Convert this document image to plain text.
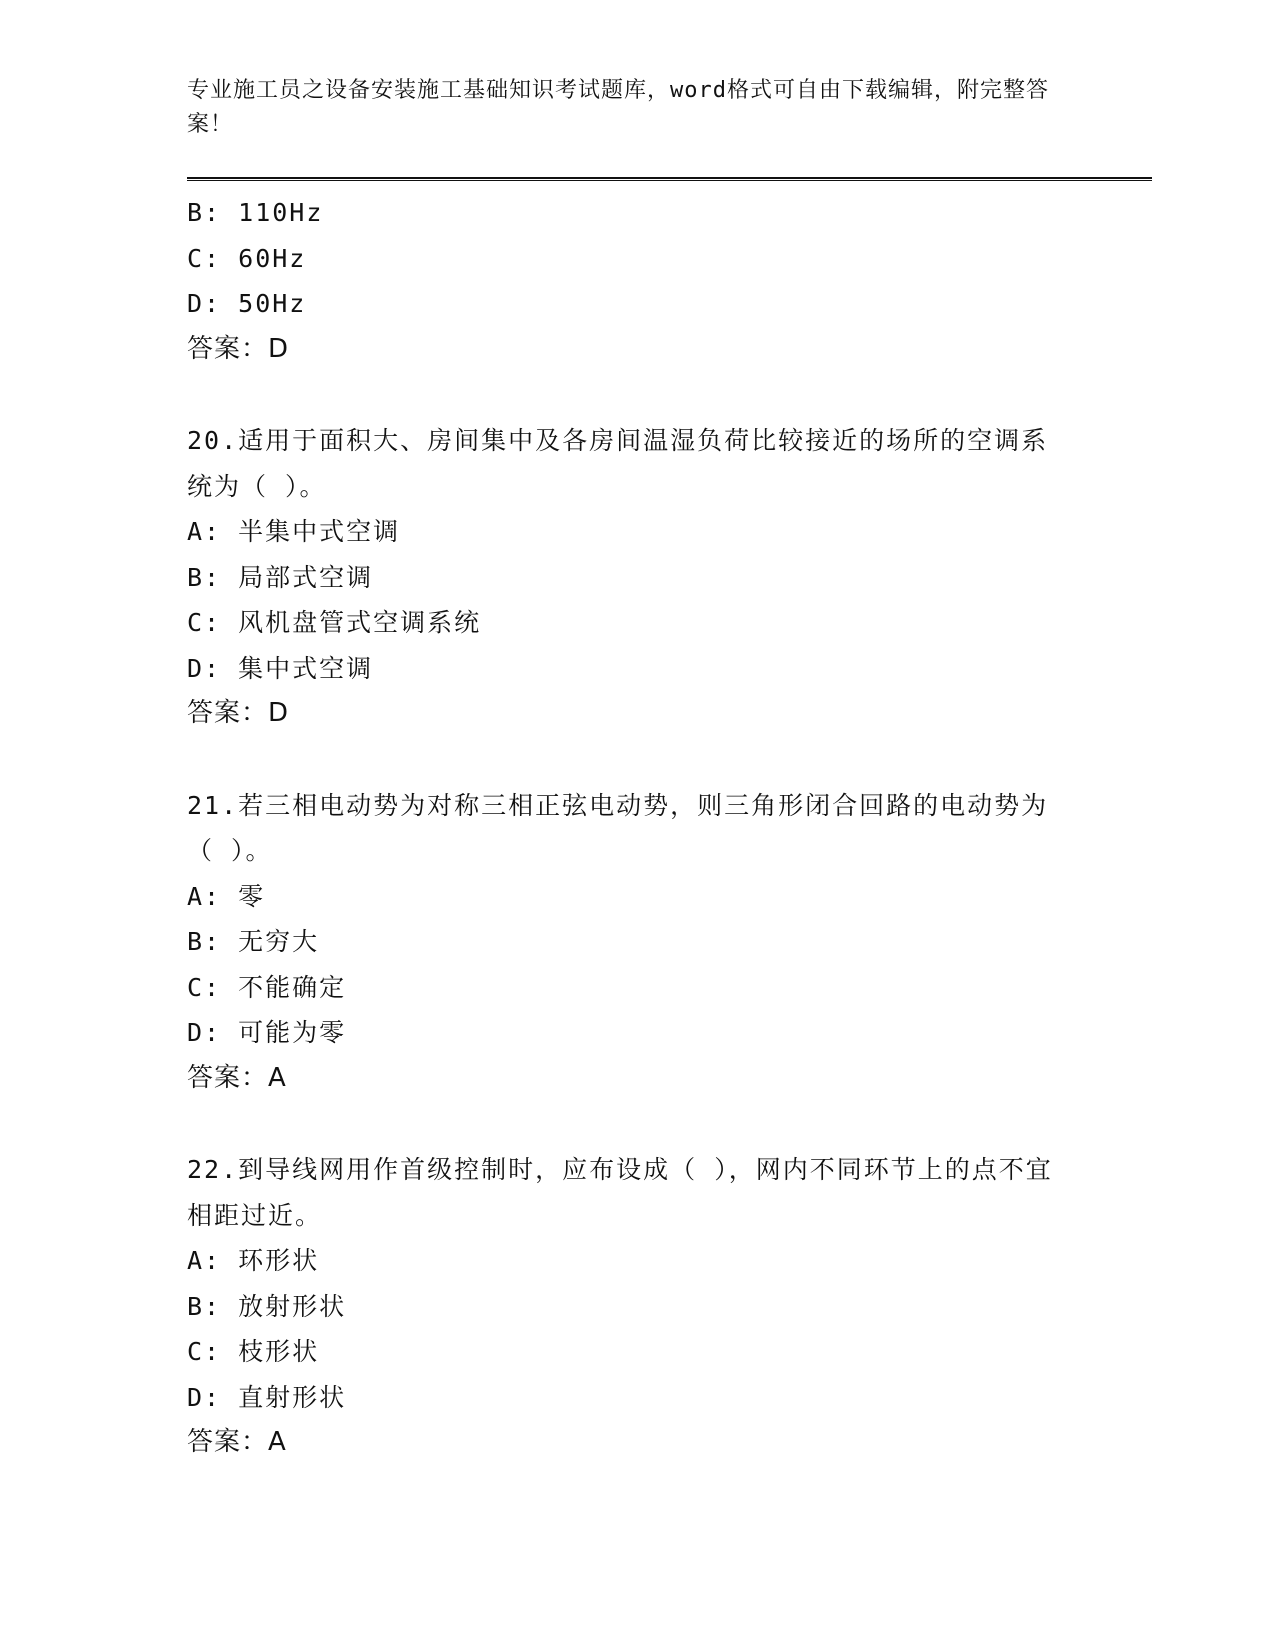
专业施工员之设备安装施工基础知识考试题库，word格式可自由下载编辑，附完整答案！
B: 110Hz
C: 60Hz
D: 50Hz
答案：D
20.适用于面积大、房间集中及各房间温湿负荷比较接近的场所的空调系统为（ ）。
A: 半集中式空调
B: 局部式空调
C: 风机盘管式空调系统
D: 集中式空调
答案：D
21.若三相电动势为对称三相正弦电动势，则三角形闭合回路的电动势为（ ）。
A: 零
B: 无穷大
C: 不能确定
D: 可能为零
答案：A
22.到导线网用作首级控制时，应布设成（ ），网内不同环节上的点不宜相距过近。
A: 环形状
B: 放射形状
C: 枝形状
D: 直射形状
答案：A
